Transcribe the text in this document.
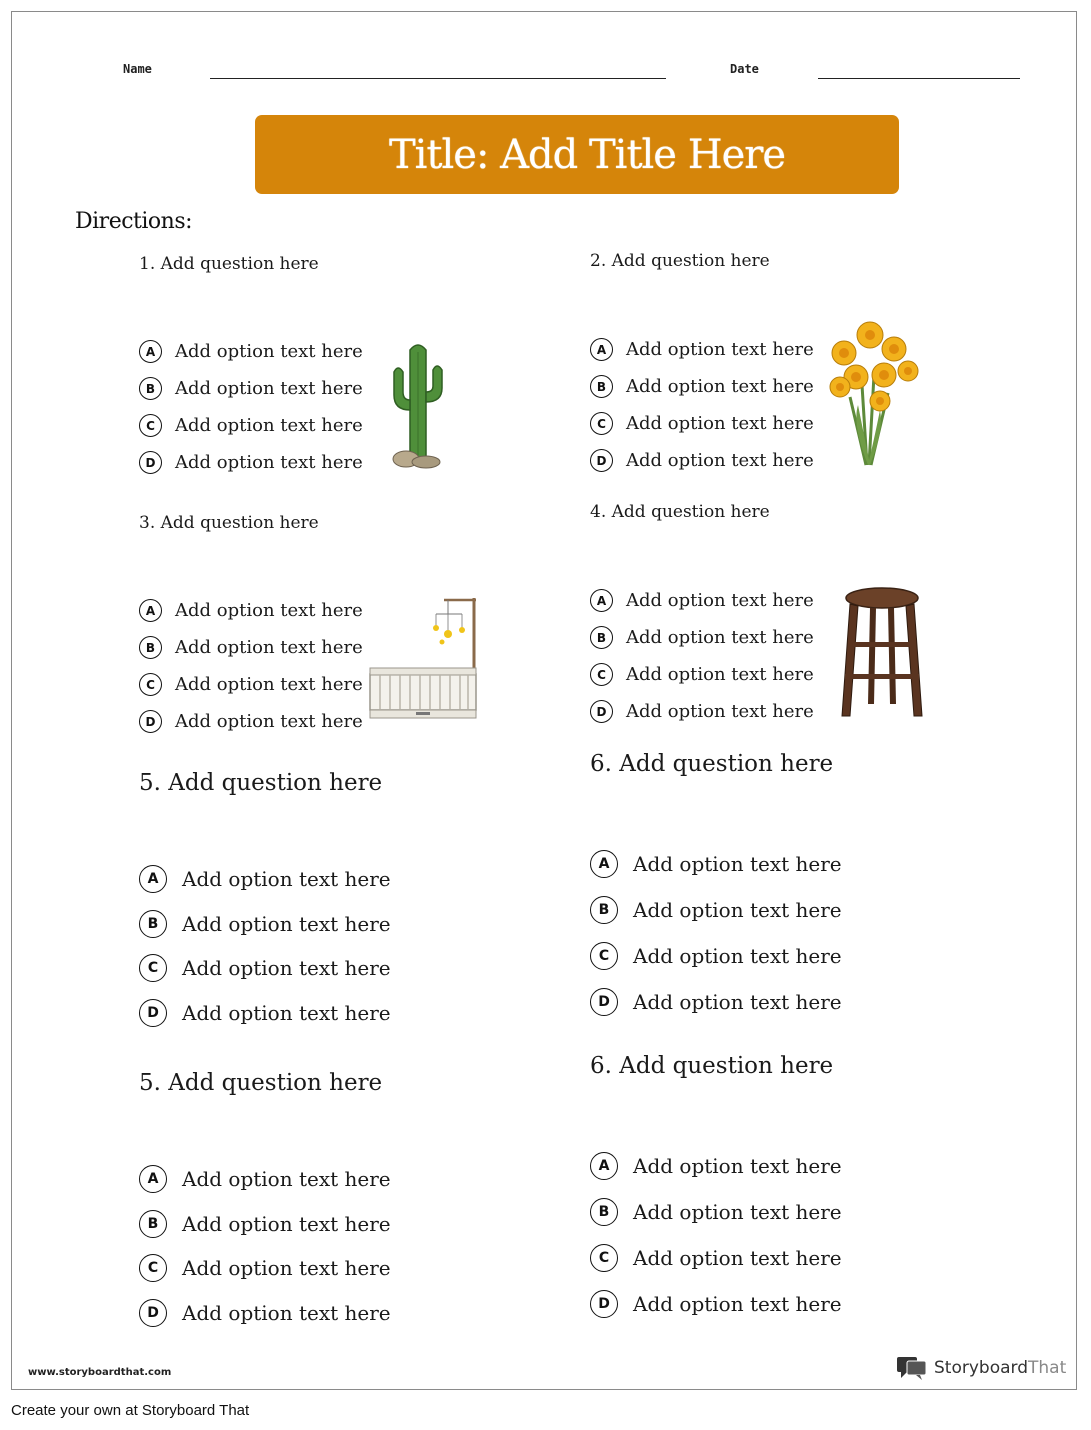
Name	Date
Title: Add Title Here
Directions:
1. Add question here
A	Add option text here
B	Add option text here
C	Add option text here
D	Add option text here
2. Add question here
A	Add option text here
B	Add option text here
C	Add option text here
D	Add option text here
3. Add question here
A	Add option text here
B	Add option text here
C	Add option text here
D	Add option text here
4. Add question here
A	Add option text here
B	Add option text here
C	Add option text here
D	Add option text here
5. Add question here
A	Add option text here
B	Add option text here
C	Add option text here
D	Add option text here
6. Add question here
A	Add option text here
B	Add option text here
C	Add option text here
D	Add option text here
5. Add question here
A	Add option text here
B	Add option text here
C	Add option text here
D	Add option text here
6. Add question here
A	Add option text here
B	Add option text here
C	Add option text here
D	Add option text here
www.storyboardthat.com	StoryboardThat
Create your own at Storyboard That
